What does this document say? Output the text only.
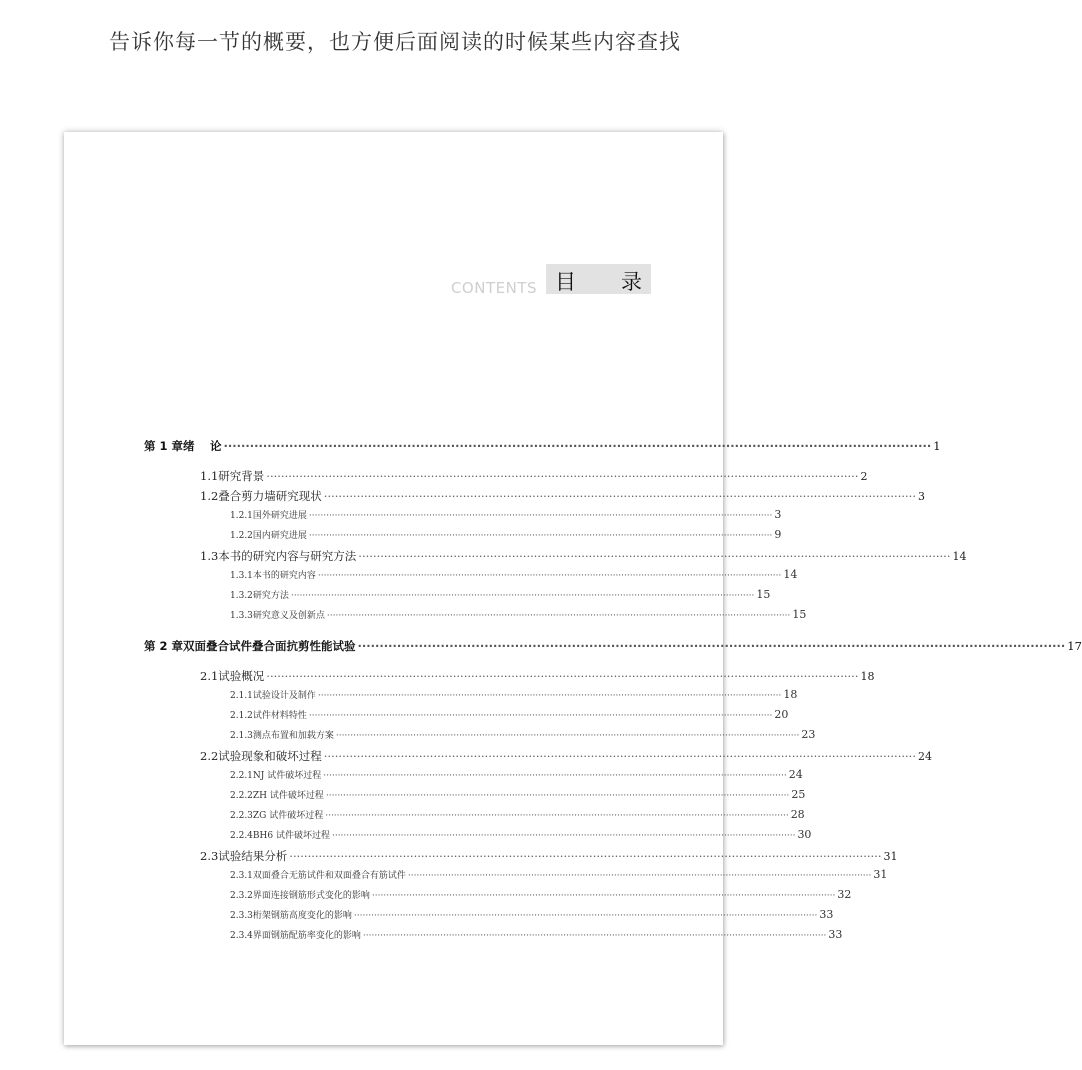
告诉你每一节的概要，也方便后面阅读的时候某些内容查找
CONTENTS 目 录
第 1 章 绪　 论 ·································································································································································· 1
1.1 研究背景 ·································································································································································· 2
1.2 叠合剪力墙研究现状 ·································································································································································· 3
1.2.1 国外研究进展 ·································································································································································· 3
1.2.2 国内研究进展 ·································································································································································· 9
1.3 本书的研究内容与研究方法 ·································································································································································· 14
1.3.1 本书的研究内容 ·································································································································································· 14
1.3.2 研究方法 ·································································································································································· 15
1.3.3 研究意义及创新点 ·································································································································································· 15
第 2 章 双面叠合试件叠合面抗剪性能试验 ·································································································································································· 17
2.1 试验概况 ·································································································································································· 18
2.1.1 试验设计及制作 ·································································································································································· 18
2.1.2 试件材料特性 ·································································································································································· 20
2.1.3 测点布置和加载方案 ·································································································································································· 23
2.2 试验现象和破坏过程 ·································································································································································· 24
2.2.1 NJ 试件破坏过程 ·································································································································································· 24
2.2.2 ZH 试件破坏过程 ·································································································································································· 25
2.2.3 ZG 试件破坏过程 ·································································································································································· 28
2.2.4 BH6 试件破坏过程 ·································································································································································· 30
2.3 试验结果分析 ·································································································································································· 31
2.3.1 双面叠合无筋试件和双面叠合有筋试件 ·································································································································································· 31
2.3.2 界面连接钢筋形式变化的影响 ·································································································································································· 32
2.3.3 桁架钢筋高度变化的影响 ·································································································································································· 33
2.3.4 界面钢筋配筋率变化的影响 ·································································································································································· 33
